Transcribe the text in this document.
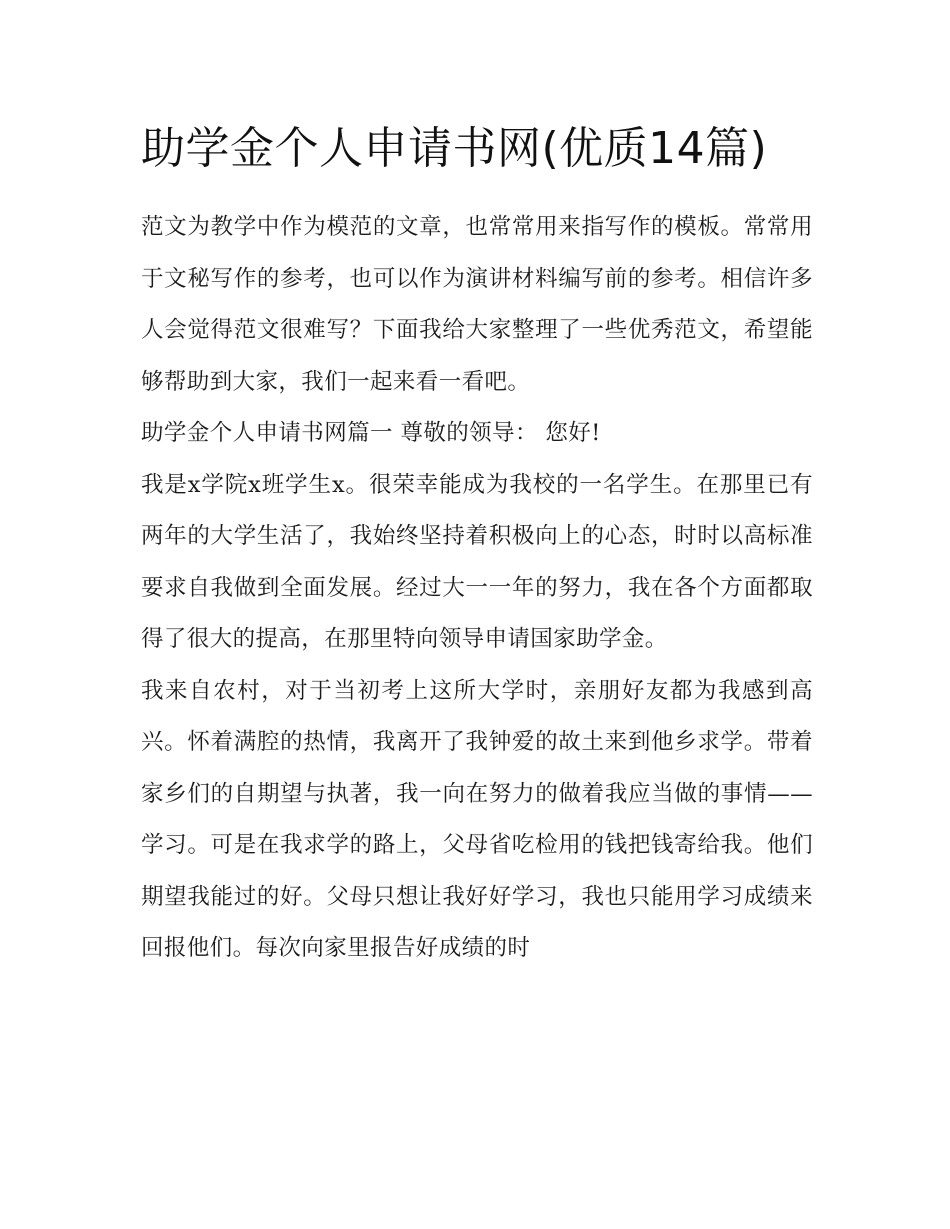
助学金个人申请书网(优质14篇)

范文为教学中作为模范的文章，也常常用来指写作的模板。常常用于文秘写作的参考，也可以作为演讲材料编写前的参考。相信许多人会觉得范文很难写？下面我给大家整理了一些优秀范文，希望能够帮助到大家，我们一起来看一看吧。

助学金个人申请书网篇一 尊敬的领导： 您好!

我是x学院x班学生x。很荣幸能成为我校的一名学生。在那里已有两年的大学生活了，我始终坚持着积极向上的心态，时时以高标准要求自我做到全面发展。经过大一一年的努力，我在各个方面都取得了很大的提高，在那里特向领导申请国家助学金。

我来自农村，对于当初考上这所大学时，亲朋好友都为我感到高兴。怀着满腔的热情，我离开了我钟爱的故土来到他乡求学。带着家乡们的自期望与执著，我一向在努力的做着我应当做的事情——学习。可是在我求学的路上，父母省吃检用的钱把钱寄给我。他们期望我能过的好。父母只想让我好好学习，我也只能用学习成绩来回报他们。每次向家里报告好成绩的时
